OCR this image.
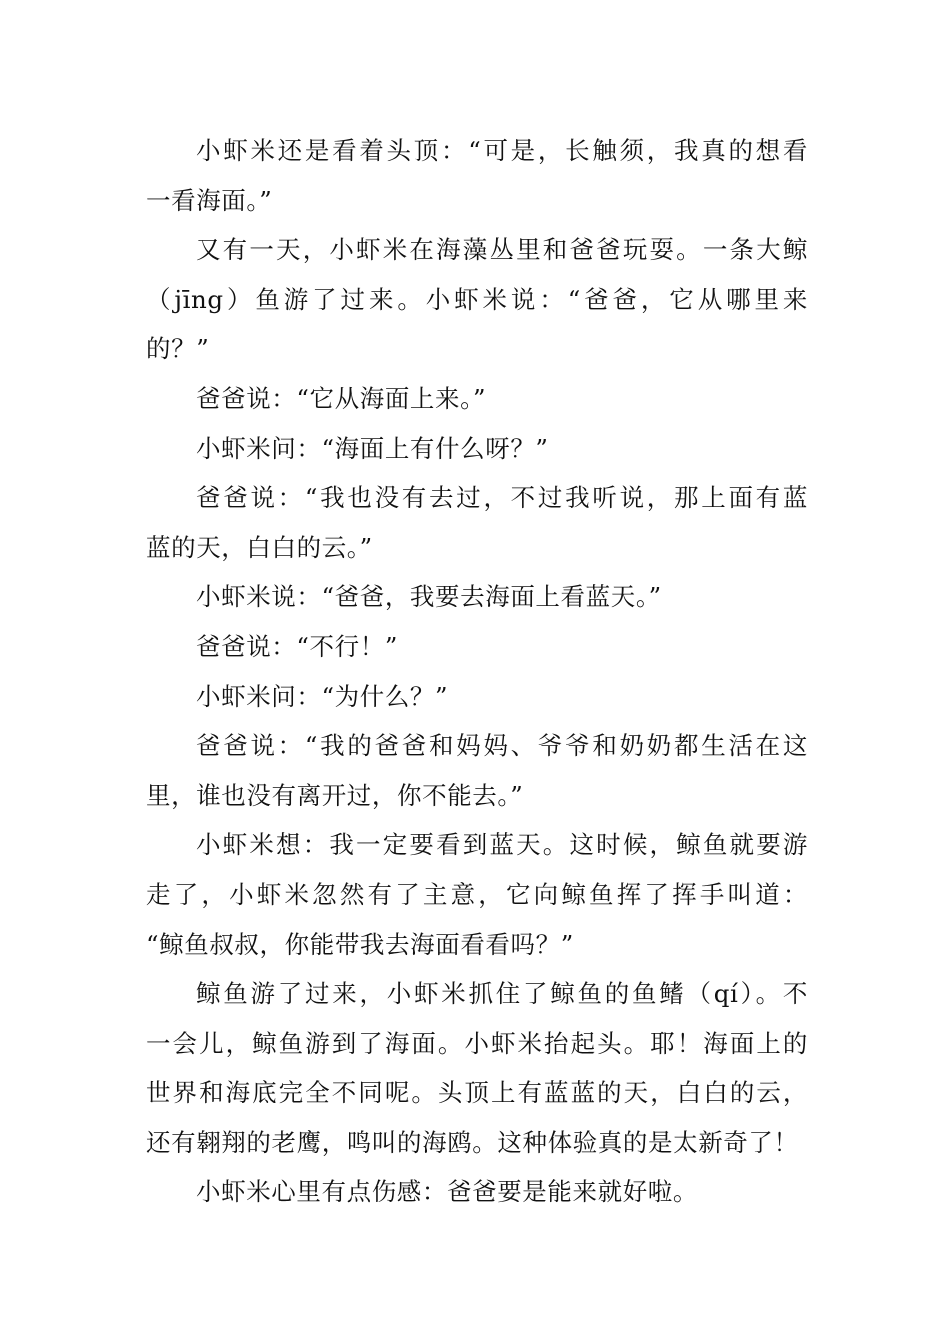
小虾米还是看着头顶：“可是，长触须，我真的想看
一看海面。”
又有一天，小虾米在海藻丛里和爸爸玩耍。一条大鲸
（jīng）鱼游了过来。小虾米说：“爸爸，它从哪里来
的？”
爸爸说：“它从海面上来。”
小虾米问：“海面上有什么呀？”
爸爸说：“我也没有去过，不过我听说，那上面有蓝
蓝的天，白白的云。”
小虾米说：“爸爸，我要去海面上看蓝天。”
爸爸说：“不行！”
小虾米问：“为什么？”
爸爸说：“我的爸爸和妈妈、爷爷和奶奶都生活在这
里，谁也没有离开过，你不能去。”
小虾米想：我一定要看到蓝天。这时候，鲸鱼就要游
走了，小虾米忽然有了主意，它向鲸鱼挥了挥手叫道：
“鲸鱼叔叔，你能带我去海面看看吗？”
鲸鱼游了过来，小虾米抓住了鲸鱼的鱼鳍（qí）。不
一会儿，鲸鱼游到了海面。小虾米抬起头。耶！海面上的
世界和海底完全不同呢。头顶上有蓝蓝的天，白白的云，
还有翱翔的老鹰，鸣叫的海鸥。这种体验真的是太新奇了！
小虾米心里有点伤感：爸爸要是能来就好啦。
